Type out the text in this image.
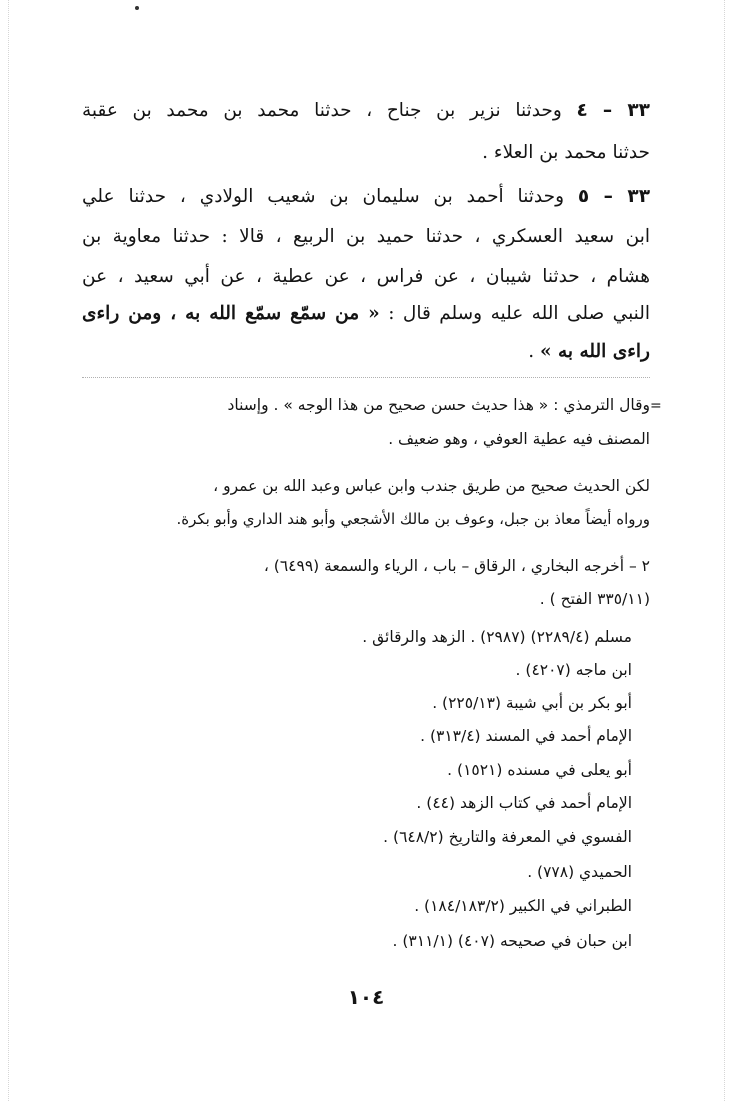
٣٣ – ٤ وحدثنا نزير بن جناح ، حدثنا محمد بن محمد بن عقبة
حدثنا محمد بن العلاء .
٣٣ – ٥ وحدثنا أحمد بن سليمان بن شعيب الولادي ، حدثنا علي
ابن سعيد العسكري ، حدثنا حميد بن الربيع ، قالا : حدثنا معاوية بن
هشام ، حدثنا شيبان ، عن فراس ، عن عطية ، عن أبي سعيد ، عن
النبي صلى الله عليه وسلم قال : « من سمّع سمّع الله به ، ومن راءى
راءى الله به » .
=
وقال الترمذي : « هذا حديث حسن صحيح من هذا الوجه » . وإسناد
المصنف فيه عطية العوفي ، وهو ضعيف .
لكن الحديث صحيح من طريق جندب وابن عباس وعبد الله بن عمرو ،
ورواه أيضاً معاذ بن جبل، وعوف بن مالك الأشجعي وأبو هند الداري وأبو بكرة.
٢ – أخرجه البخاري ، الرقاق – باب ، الرياء والسمعة (٦٤٩٩) ،
(٣٣٥/١١ الفتح ) .
مسلم (٢٢٨٩/٤) (٢٩٨٧) . الزهد والرقائق .
ابن ماجه (٤٢٠٧) .
أبو بكر بن أبي شيبة (٢٢٥/١٣) .
الإمام أحمد في المسند (٣١٣/٤) .
أبو يعلى في مسنده (١٥٢١) .
الإمام أحمد في كتاب الزهد (٤٤) .
الفسوي في المعرفة والتاريخ (٦٤٨/٢) .
الحميدي (٧٧٨) .
الطبراني في الكبير (١٨٤/١٨٣/٢) .
ابن حبان في صحيحه (٤٠٧) (٣١١/١) .
١٠٤
